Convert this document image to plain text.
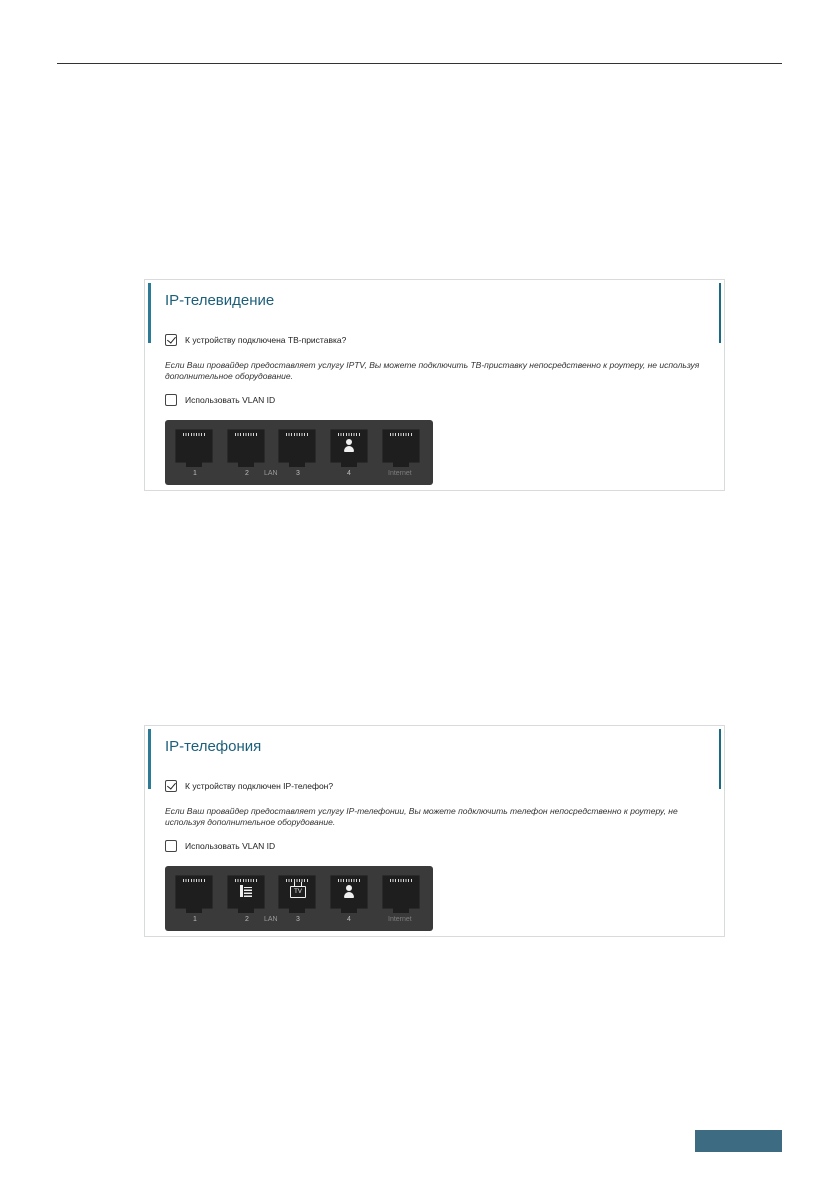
IP-телевидение
К устройству подключена ТВ-приставка?

Если Ваш провайдер предоставляет услугу IPTV, Вы можете подключить ТВ-приставку непосредственно к роутеру, не используя дополнительное оборудование.

Использовать VLAN ID
1	2 LAN	3	4	Internet
IP-телефония
К устройству подключен IP-телефон?

Если Ваш провайдер предоставляет услугу IP-телефонии, Вы можете подключить телефон непосредственно к роутеру, не используя дополнительное оборудование.

Использовать VLAN ID
TV
1	2 LAN	3	4	Internet
